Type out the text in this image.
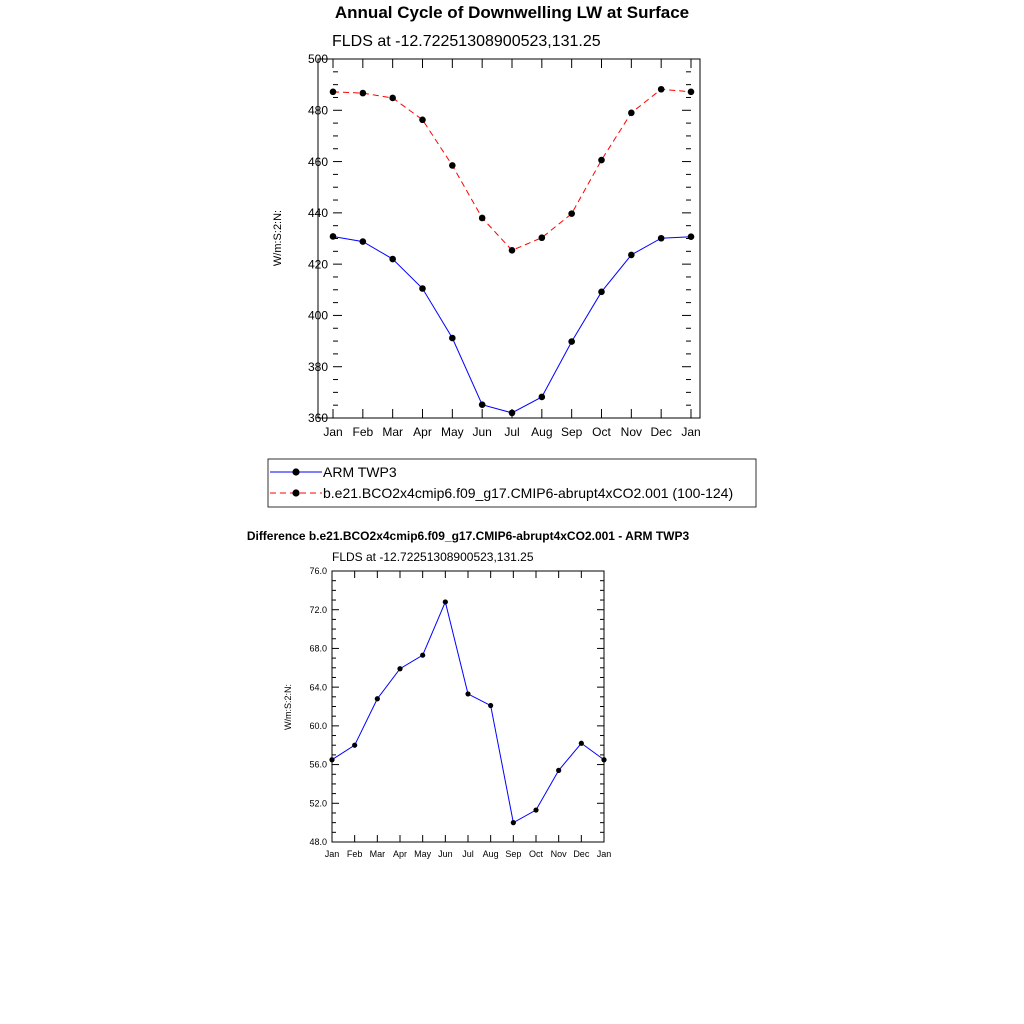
Annual Cycle of Downwelling LW at Surface
FLDS at -12.72251308900523,131.25
W/m:S:2:N:
360
380
400
420
440
460
480
500
Jan Feb Mar Apr May Jun Jul Aug Sep Oct Nov Dec Jan
ARM TWP3
b.e21.BCO2x4cmip6.f09_g17.CMIP6-abrupt4xCO2.001 (100-124)
Difference b.e21.BCO2x4cmip6.f09_g17.CMIP6-abrupt4xCO2.001 - ARM TWP3
FLDS at -12.72251308900523,131.25
W/m:S:2:N:
48.0
52.0
56.0
60.0
64.0
68.0
72.0
76.0
Jan Feb Mar Apr May Jun Jul Aug Sep Oct Nov Dec Jan
